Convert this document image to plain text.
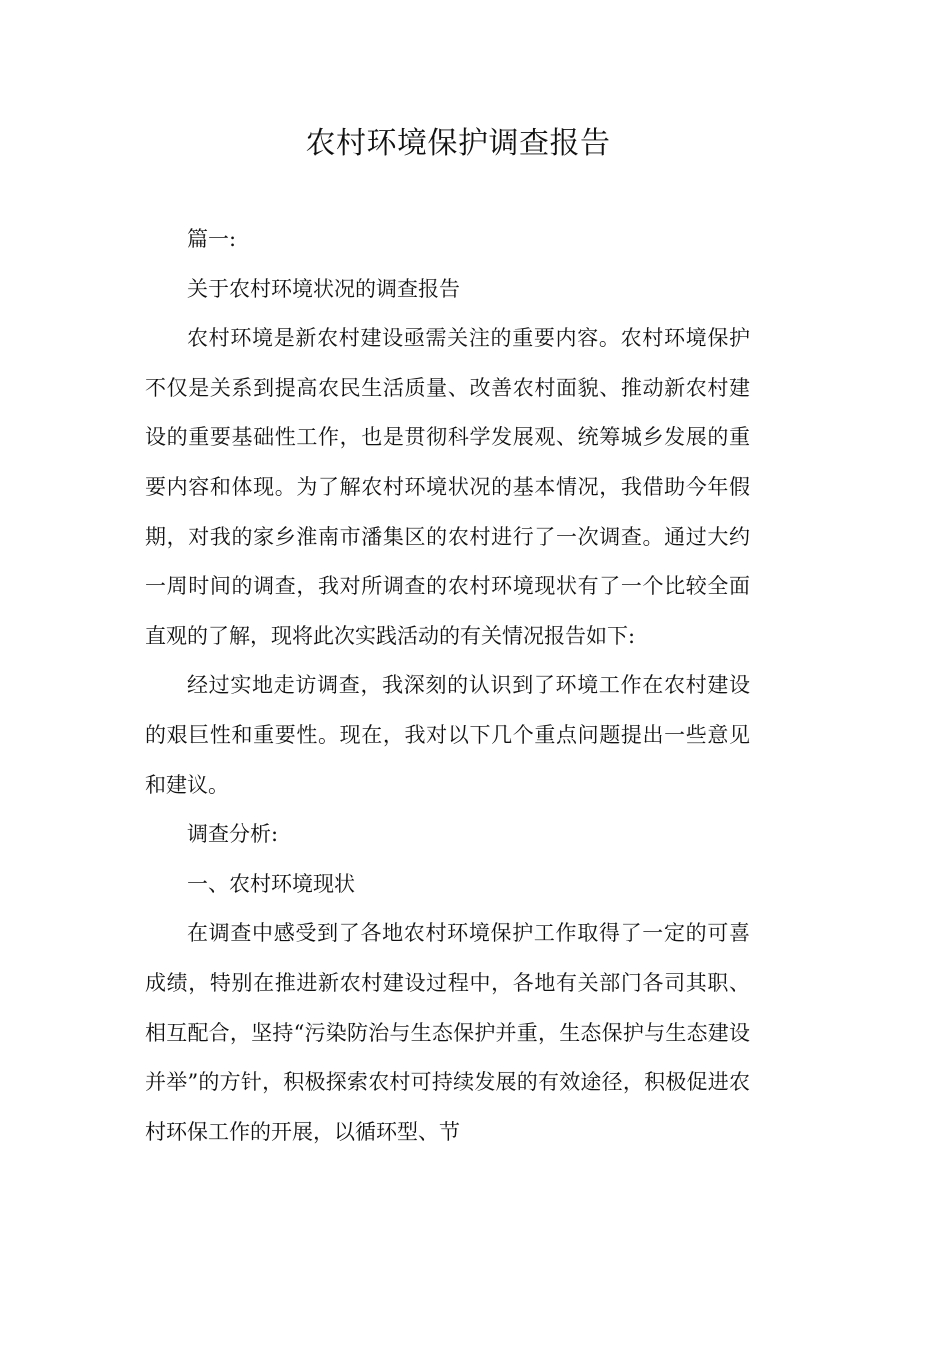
农村环境保护调查报告

篇一:

关于农村环境状况的调查报告

农村环境是新农村建设亟需关注的重要内容。农村环境保护不仅是关系到提高农民生活质量、改善农村面貌、推动新农村建设的重要基础性工作，也是贯彻科学发展观、统筹城乡发展的重要内容和体现。为了解农村环境状况的基本情况，我借助今年假期，对我的家乡淮南市潘集区的农村进行了一次调查。通过大约一周时间的调查，我对所调查的农村环境现状有了一个比较全面直观的了解，现将此次实践活动的有关情况报告如下:

经过实地走访调查，我深刻的认识到了环境工作在农村建设的艰巨性和重要性。现在，我对以下几个重点问题提出一些意见和建议。

调查分析:

一、农村环境现状

在调查中感受到了各地农村环境保护工作取得了一定的可喜成绩，特别在推进新农村建设过程中，各地有关部门各司其职、相互配合，坚持“污染防治与生态保护并重，生态保护与生态建设并举”的方针，积极探索农村可持续发展的有效途径，积极促进农村环保工作的开展，以循环型、节
